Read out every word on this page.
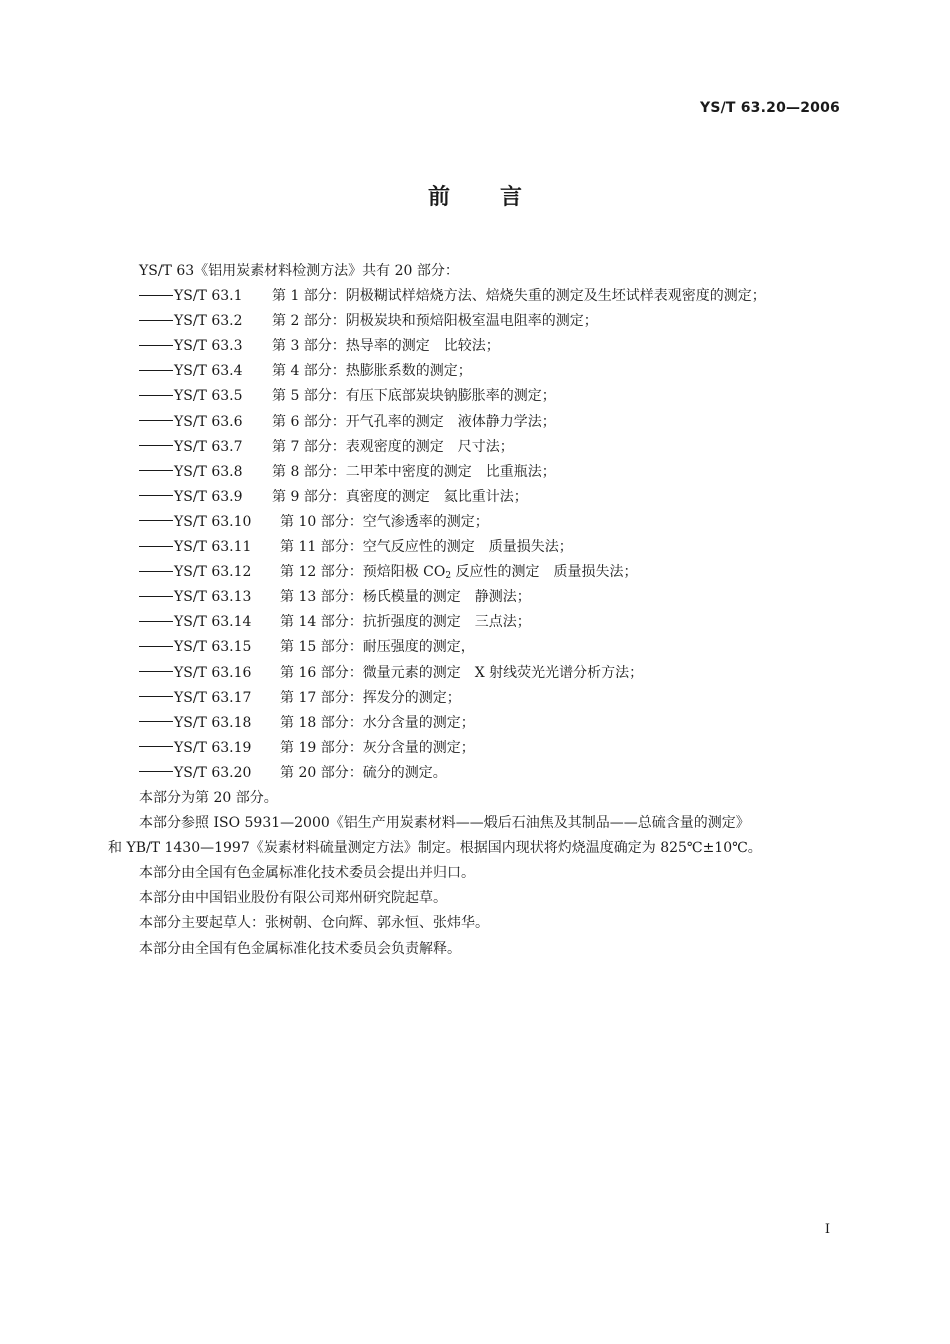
YS/T 63.20—2006
前 言
YS/T 63《铝用炭素材料检测方法》共有 20 部分：
YS/T 63.1 第 1 部分：阴极糊试样焙烧方法、焙烧失重的测定及生坯试样表观密度的测定；
YS/T 63.2 第 2 部分：阴极炭块和预焙阳极室温电阻率的测定；
YS/T 63.3 第 3 部分：热导率的测定　比较法；
YS/T 63.4 第 4 部分：热膨胀系数的测定；
YS/T 63.5 第 5 部分：有压下底部炭块钠膨胀率的测定；
YS/T 63.6 第 6 部分：开气孔率的测定　液体静力学法；
YS/T 63.7 第 7 部分：表观密度的测定　尺寸法；
YS/T 63.8 第 8 部分：二甲苯中密度的测定　比重瓶法；
YS/T 63.9 第 9 部分：真密度的测定　氦比重计法；
YS/T 63.10 第 10 部分：空气渗透率的测定；
YS/T 63.11 第 11 部分：空气反应性的测定　质量损失法；
YS/T 63.12 第 12 部分：预焙阳极 $CO_2$ 反应性的测定　质量损失法；
YS/T 63.13 第 13 部分：杨氏模量的测定　静测法；
YS/T 63.14 第 14 部分：抗折强度的测定　三点法；
YS/T 63.15 第 15 部分：耐压强度的测定，
YS/T 63.16 第 16 部分：微量元素的测定　X 射线荧光光谱分析方法；
YS/T 63.17 第 17 部分：挥发分的测定；
YS/T 63.18 第 18 部分：水分含量的测定；
YS/T 63.19 第 19 部分：灰分含量的测定；
YS/T 63.20 第 20 部分：硫分的测定。
本部分为第 20 部分。
本部分参照 ISO 5931—2000《铝生产用炭素材料——煅后石油焦及其制品——总硫含量的测定》
和 YB/T 1430—1997《炭素材料硫量测定方法》制定。根据国内现状将灼烧温度确定为 825℃±10℃。
本部分由全国有色金属标准化技术委员会提出并归口。
本部分由中国铝业股份有限公司郑州研究院起草。
本部分主要起草人：张树朝、仓向辉、郭永恒、张炜华。
本部分由全国有色金属标准化技术委员会负责解释。
I
